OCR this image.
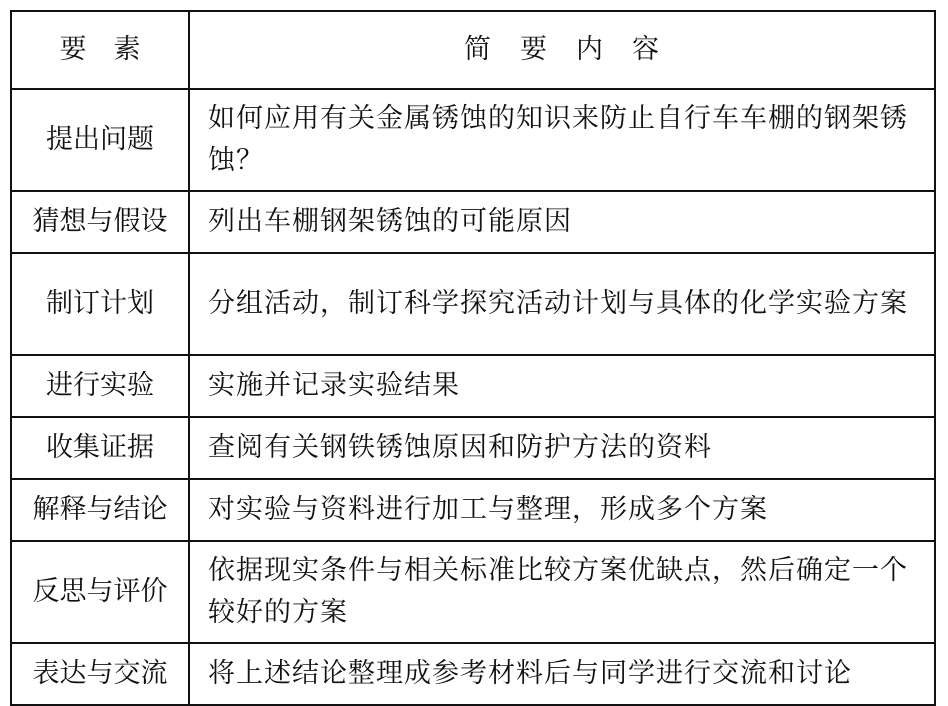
要　素	简　要　内　容
提出问题	如何应用有关金属锈蚀的知识来防止自行车车棚的钢架锈蚀？
猜想与假设	列出车棚钢架锈蚀的可能原因
制订计划	分组活动，制订科学探究活动计划与具体的化学实验方案
进行实验	实施并记录实验结果
收集证据	查阅有关钢铁锈蚀原因和防护方法的资料
解释与结论	对实验与资料进行加工与整理，形成多个方案
反思与评价	依据现实条件与相关标准比较方案优缺点，然后确定一个较好的方案
表达与交流	将上述结论整理成参考材料后与同学进行交流和讨论
